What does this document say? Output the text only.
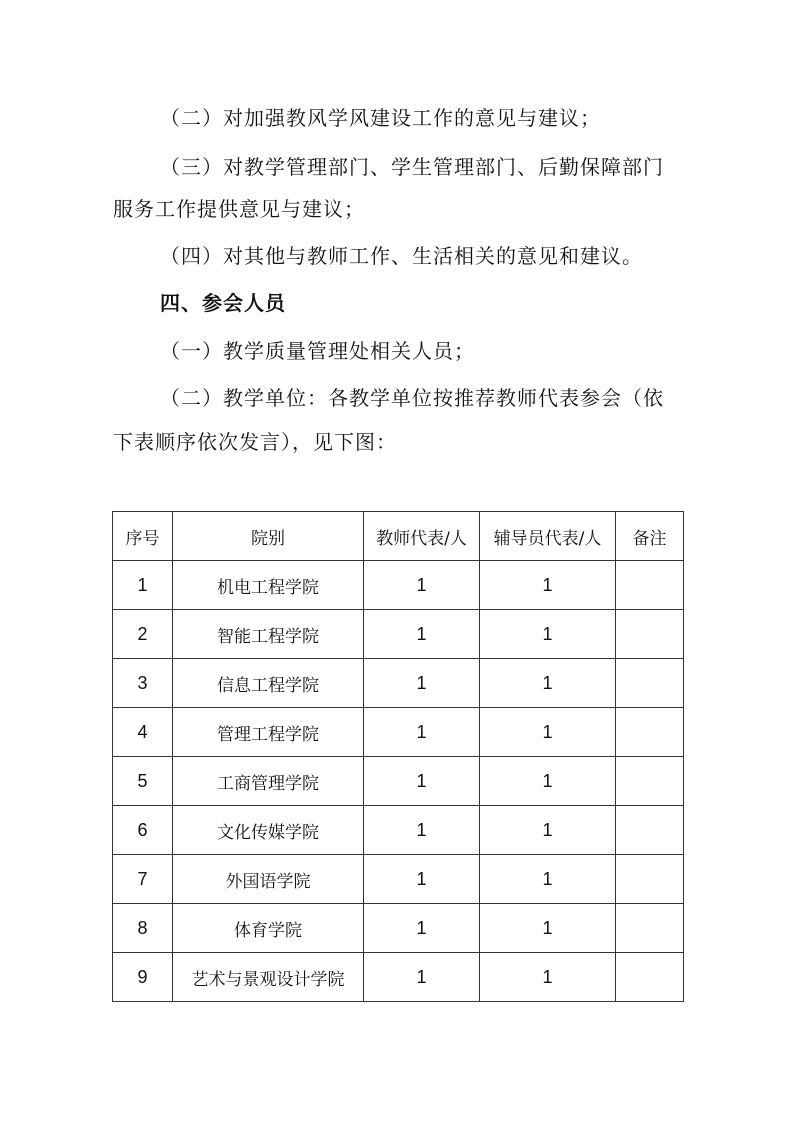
（二）对加强教风学风建设工作的意见与建议；
（三）对教学管理部门、学生管理部门、后勤保障部门
服务工作提供意见与建议；
（四）对其他与教师工作、生活相关的意见和建议。
四、参会人员
（一）教学质量管理处相关人员；
（二）教学单位：各教学单位按推荐教师代表参会（依
下表顺序依次发言），见下图：
序号	院别	教师代表/人	辅导员代表/人	备注
1	机电工程学院	1	1	
2	智能工程学院	1	1	
3	信息工程学院	1	1	
4	管理工程学院	1	1	
5	工商管理学院	1	1	
6	文化传媒学院	1	1	
7	外国语学院	1	1	
8	体育学院	1	1	
9	艺术与景观设计学院	1	1	
